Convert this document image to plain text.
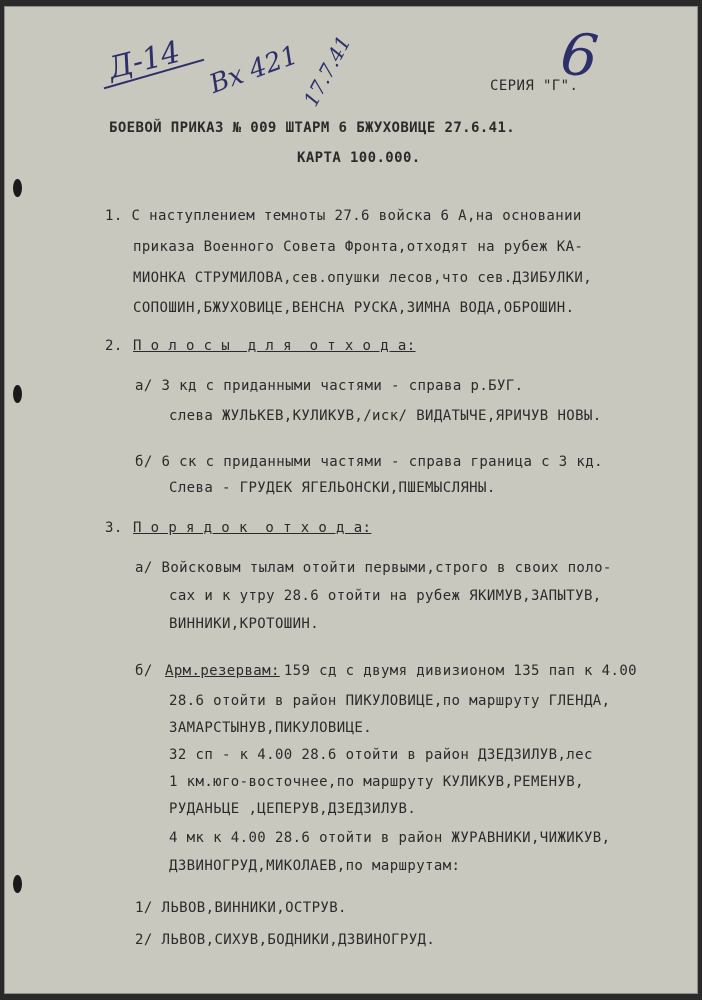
Д-14 Вх 421
17.7.41	6
СЕРИЯ "Г".
БОЕВОЙ ПРИКАЗ № 009 ШТАРМ 6 БЖУХОВИЦЕ 27.6.41.
КАРТА 100.000.
1. С наступлением темноты 27.6 войска 6 А,на основании
приказа Военного Совета Фронта,отходят на рубеж КА-
МИОНКА СТРУМИЛОВА,сев.опушки лесов,что сев.ДЗИБУЛКИ,
СОПОШИН,БЖУХОВИЦЕ,ВЕНСНА РУСКА,ЗИМНА ВОДА,ОБРОШИН.
2. П о л о с ы  д л я  о т х о д а:
а/ 3 кд с приданными частями - справа р.БУГ.
слева ЖУЛЬКЕВ,КУЛИКУВ,/иск/ ВИДАТЫЧЕ,ЯРИЧУВ НОВЫ.
б/ 6 ск с приданными частями - справа граница с 3 кд.
Слева - ГРУДЕК ЯГЕЛЬОНСКИ,ПШЕМЫСЛЯНЫ.
3. П о р я д о к  о т х о д а:
а/ Войсковым тылам отойти первыми,строго в своих поло-
сах и к утру 28.6 отойти на рубеж ЯКИМУВ,ЗАПЫТУВ,
ВИННИКИ,КРОТОШИН.
б/ Арм.резервам:
159 сд с двумя дивизионом 135 пап к 4.00
28.6 отойти в район ПИКУЛОВИЦЕ,по маршруту ГЛЕНДА,
ЗАМАРСТЫНУВ,ПИКУЛОВИЦЕ.
32 сп - к 4.00 28.6 отойти в район ДЗЕДЗИЛУВ,лес
1 км.юго-восточнее,по маршруту КУЛИКУВ,РЕМЕНУВ,
РУДАНЬЦЕ ,ЦЕПЕРУВ,ДЗЕДЗИЛУВ.
4 мк к 4.00 28.6 отойти в район ЖУРАВНИКИ,ЧИЖИКУВ,
ДЗВИНОГРУД,МИКОЛАЕВ,по маршрутам:
1/ ЛЬВОВ,ВИННИКИ,ОСТРУВ.
2/ ЛЬВОВ,СИХУВ,БОДНИКИ,ДЗВИНОГРУД.
